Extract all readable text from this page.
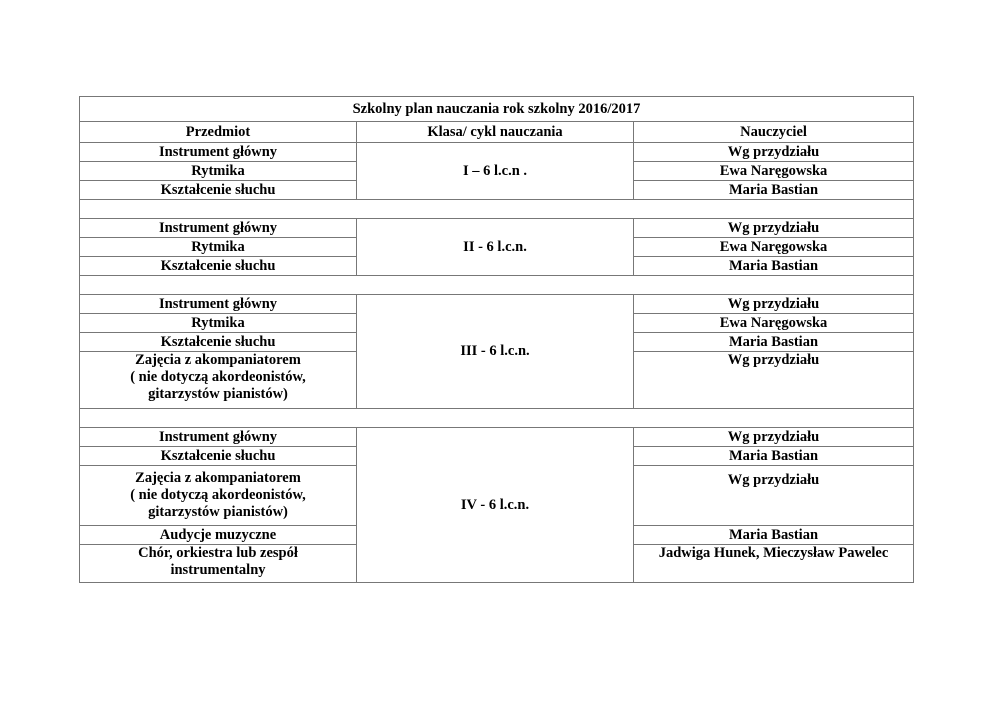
Szkolny plan nauczania rok szkolny 2016/2017		
Przedmiot	Klasa/ cykl nauczania	Nauczyciel
Instrument główny	I – 6 l.c.n .	Wg przydziału
Rytmika		Ewa Naręgowska
Kształcenie słuchu		Maria Bastian

Instrument główny	II - 6 l.c.n.	Wg przydziału
Rytmika		Ewa Naręgowska
Kształcenie słuchu		Maria Bastian

Instrument główny	III - 6 l.c.n.	Wg przydziału
Rytmika		Ewa Naręgowska
Kształcenie słuchu		Maria Bastian

Zajęcia z akompaniatorem
( nie dotyczą akordeonistów,
gitarzystów pianistów)		Wg przydziału

Instrument główny	IV - 6 l.c.n.	Wg przydziału
Kształcenie słuchu		Maria Bastian

Zajęcia z akompaniatorem
( nie dotyczą akordeonistów,
gitarzystów pianistów)		Wg przydziału
Audycje muzyczne		Maria Bastian

Chór, orkiestra lub zespół
instrumentalny		Jadwiga Hunek, Mieczysław Pawelec
